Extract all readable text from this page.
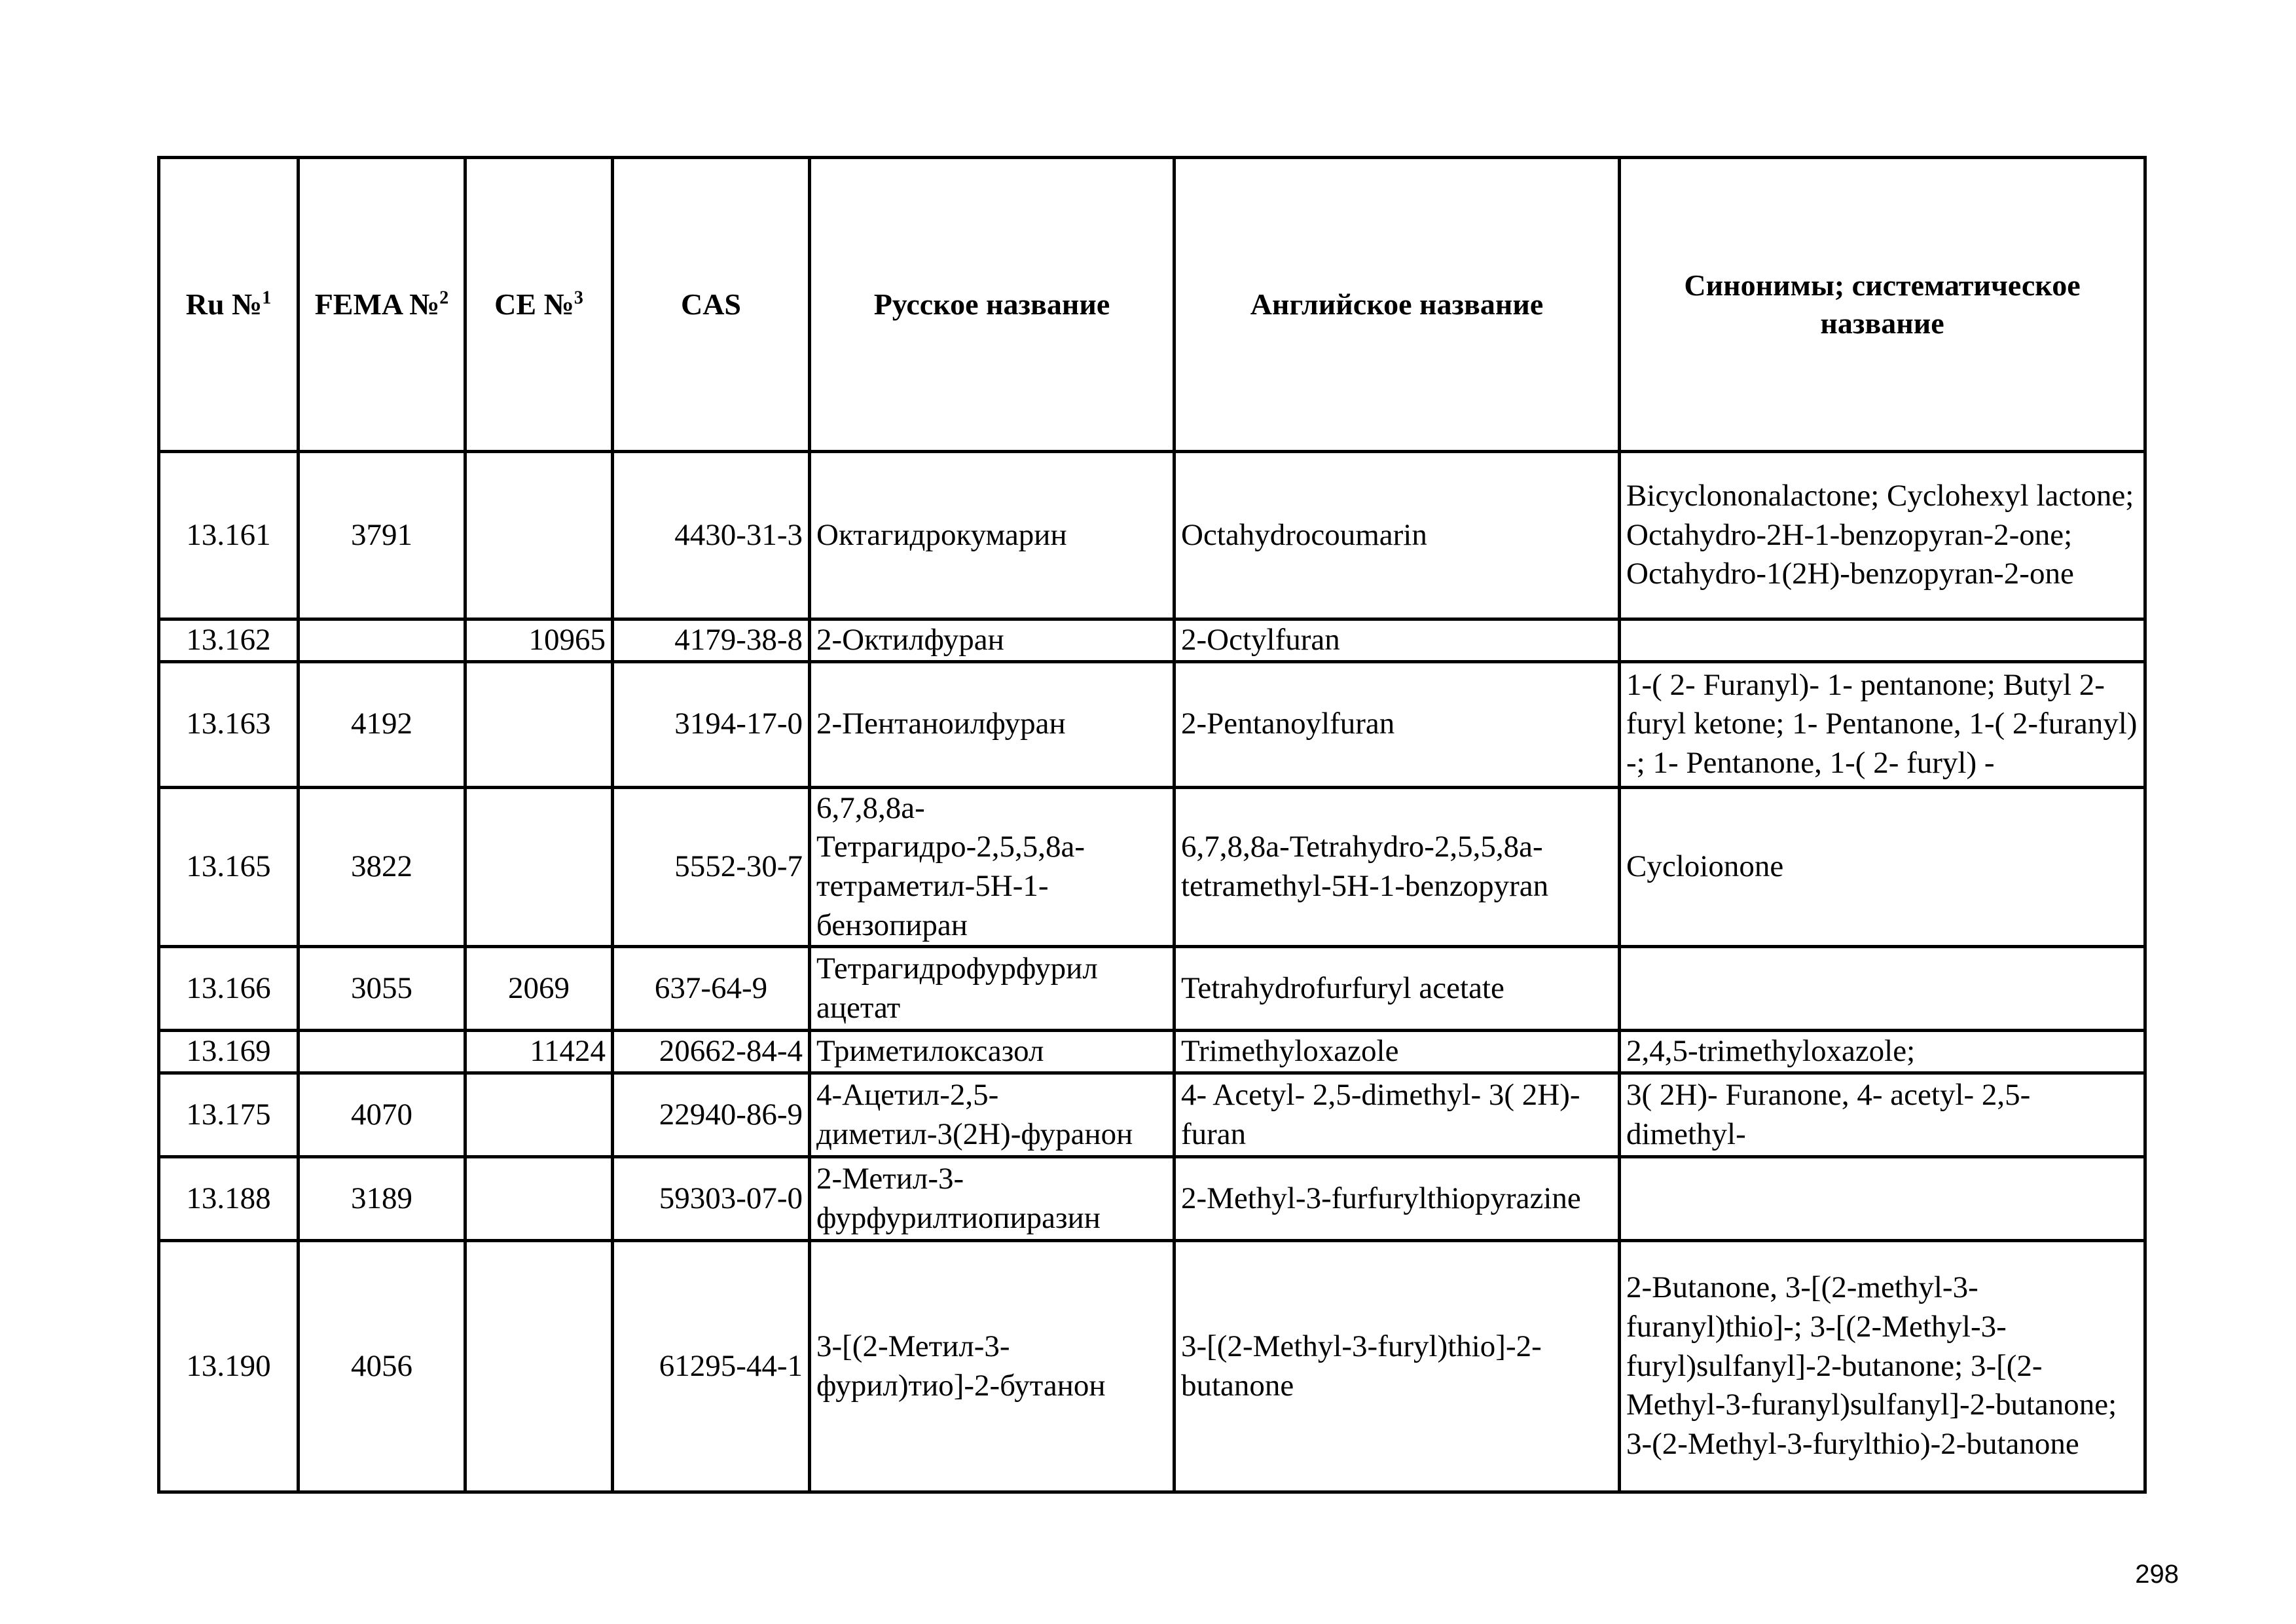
Ru №$^1$	FEMA №$^2$	CE №$^3$	CAS	Русское название	Английское название	Синонимы; систематическое название
13.161	3791		4430-31-3	Октагидрокумарин	Octahydrocoumarin	Bicyclononalactone; Cyclohexyl lactone; Octahydro-2H-1-benzopyran-2-one; Octahydro-1(2H)-benzopyran-2-one
13.162		10965	4179-38-8	2-Октилфуран	2-Octylfuran	
13.163	4192		3194-17-0	2-Пентаноилфуран	2-Pentanoylfuran	1-( 2- Furanyl)- 1- pentanone; Butyl 2-furyl ketone; 1- Pentanone, 1-( 2-furanyl) -; 1- Pentanone, 1-( 2- furyl) -
13.165	3822		5552-30-7	6,7,8,8а-Тетрагидро-2,5,5,8а-тетраметил-5Н-1-бензопиран	6,7,8,8a-Tetrahydro-2,5,5,8a-tetramethyl-5H-1-benzopyran	Cycloionone
13.166	3055	2069	637-64-9	Тетрагидрофурфурил ацетат	Tetrahydrofurfuryl acetate	
13.169		11424	20662-84-4	Триметилоксазол	Trimethyloxazole	2,4,5-trimethyloxazole;
13.175	4070		22940-86-9	4-Ацетил-2,5-диметил-3(2Н)-фуранон	4- Acetyl- 2,5-dimethyl- 3( 2H)-furan	3( 2H)- Furanone, 4- acetyl- 2,5-dimethyl-
13.188	3189		59303-07-0	2-Метил-3-фурфурилтиопиразин	2-Methyl-3-furfurylthiopyrazine	
13.190	4056		61295-44-1	3-[(2-Метил-3-фурил)тио]-2-бутанон	3-[(2-Methyl-3-furyl)thio]-2-butanone	2-Butanone, 3-[(2-methyl-3-furanyl)thio]-; 3-[(2-Methyl-3-furyl)sulfanyl]-2-butanone; 3-[(2-Methyl-3-furanyl)sulfanyl]-2-butanone; 3-(2-Methyl-3-furylthio)-2-butanone
298
